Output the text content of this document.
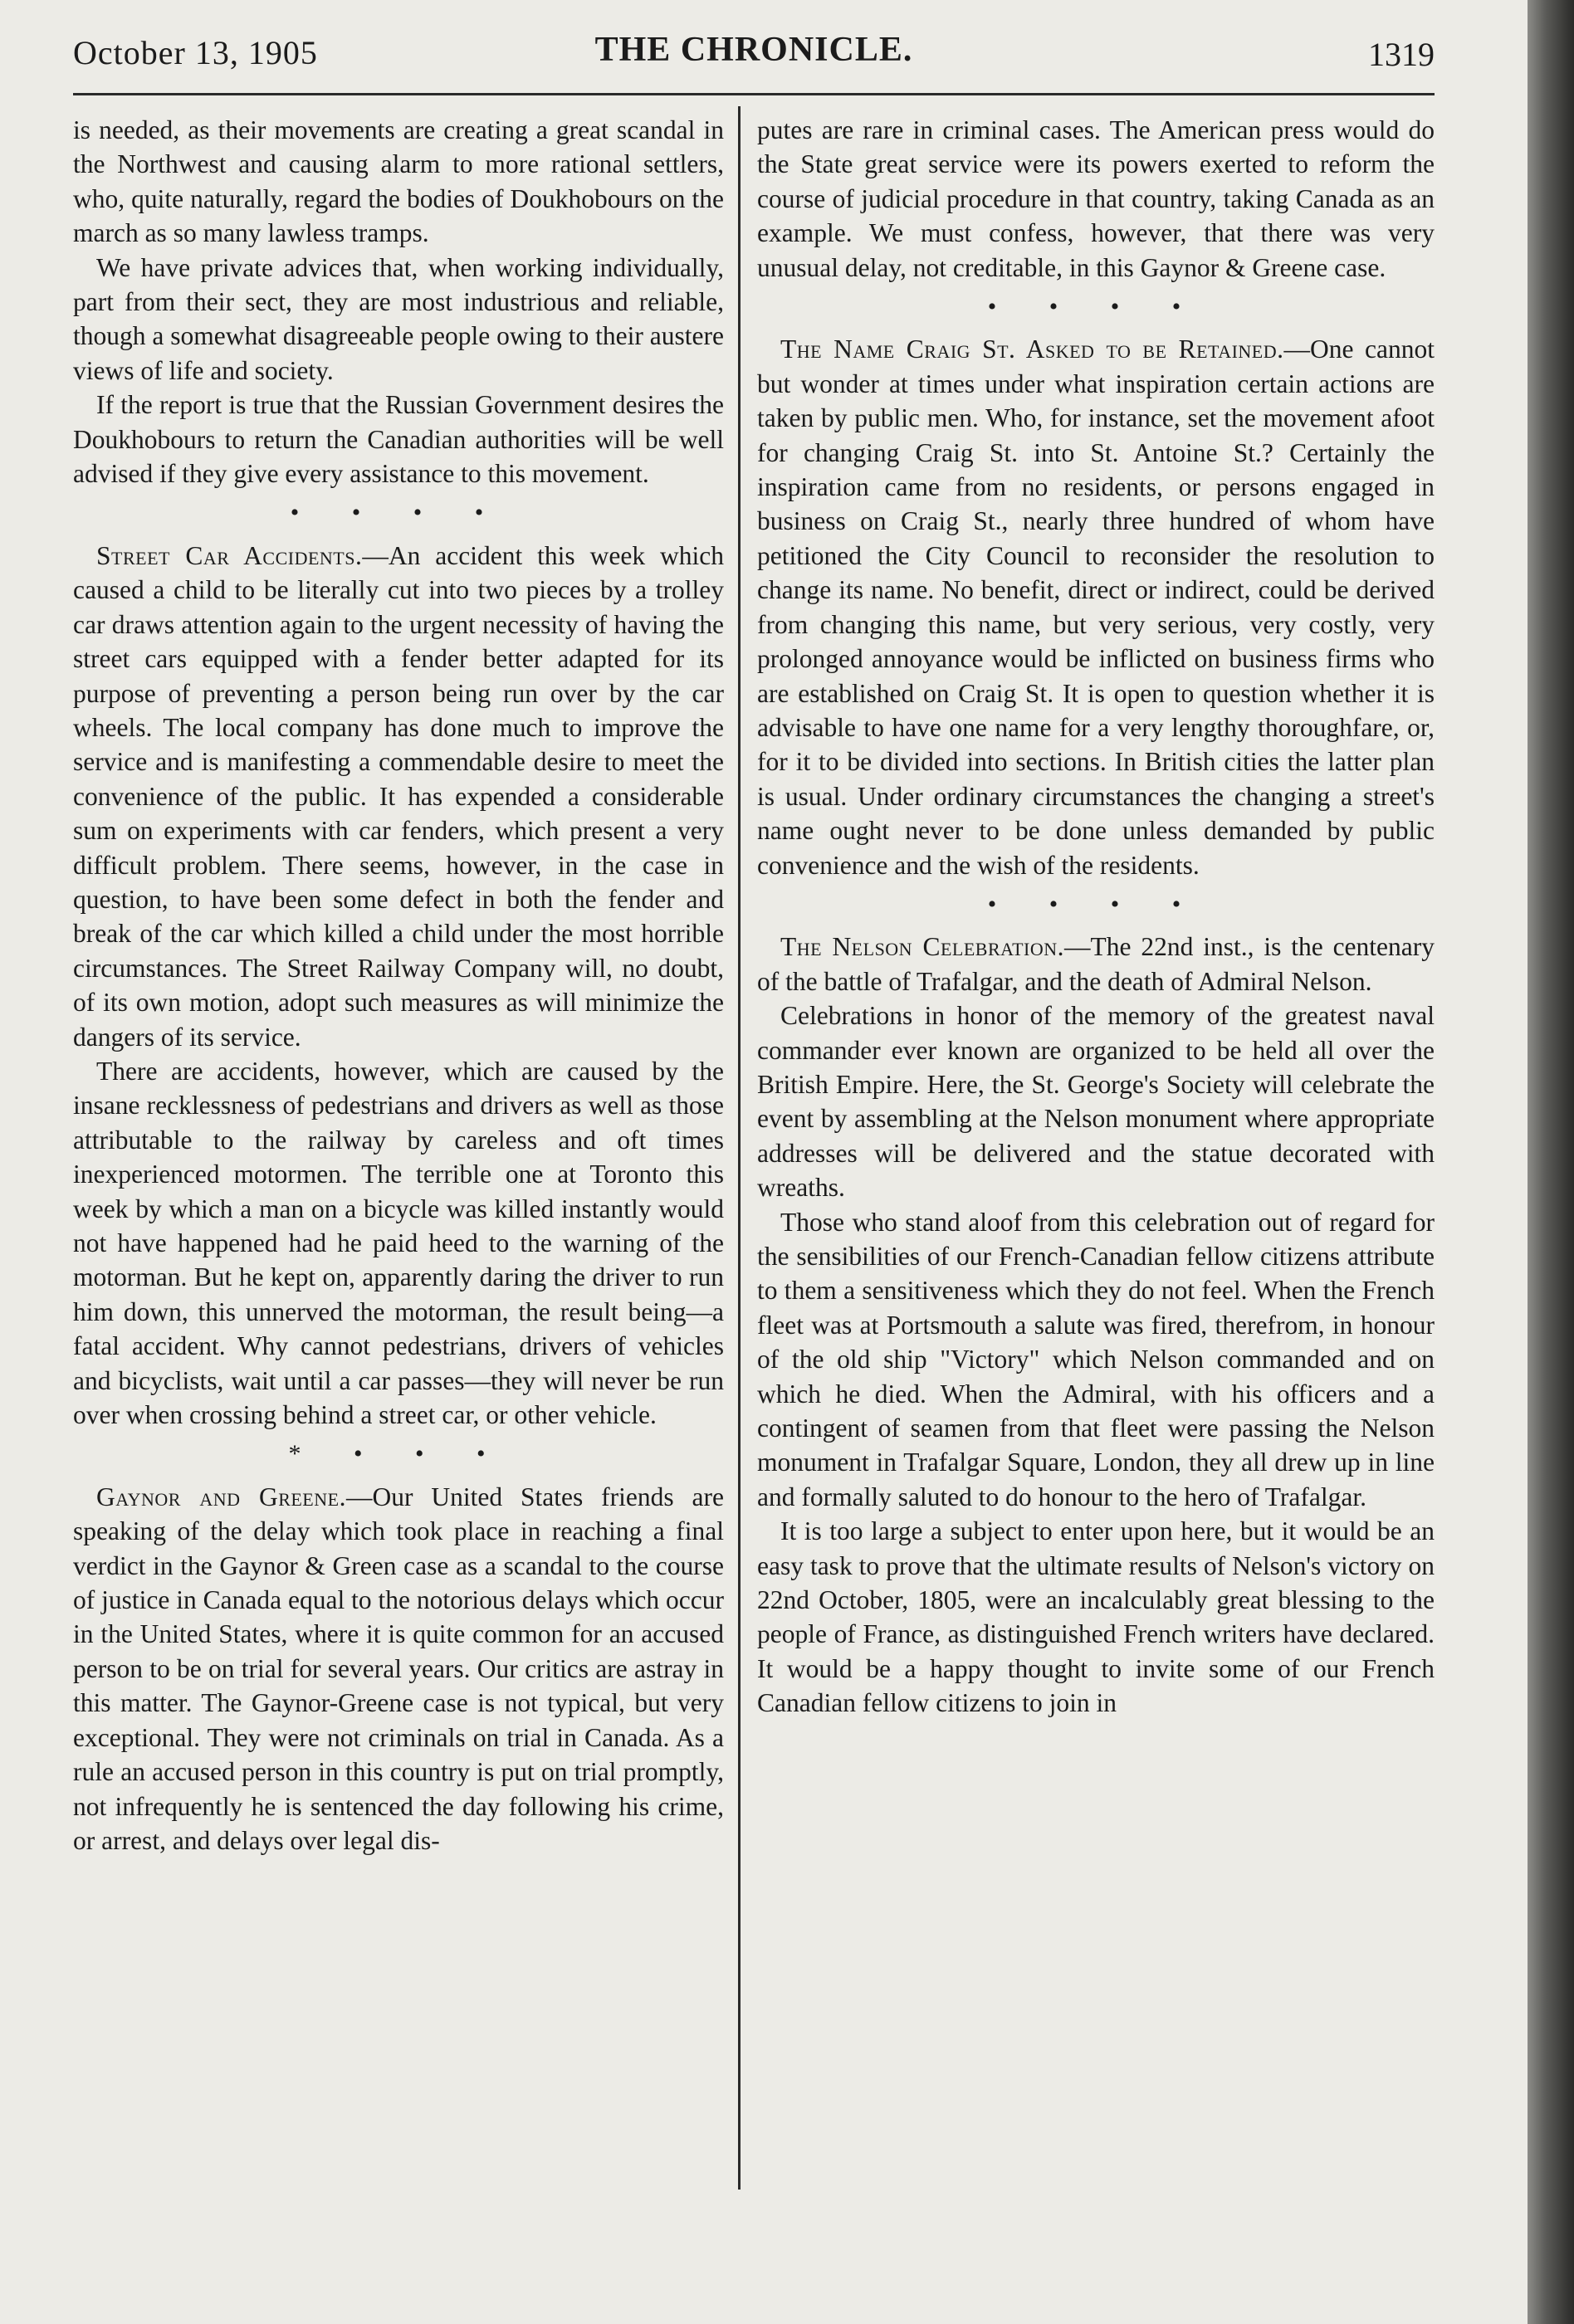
October 13, 1905	THE CHRONICLE.	1319

is needed, as their movements are creating a great scandal in the Northwest and causing alarm to more rational settlers, who, quite naturally, regard the bodies of Doukhobours on the march as so many lawless tramps.

We have private advices that, when working individually, part from their sect, they are most industrious and reliable, though a somewhat disagreeable people owing to their austere views of life and society.

If the report is true that the Russian Government desires the Doukhobours to return the Canadian authorities will be well advised if they give every assistance to this movement.

• • • •

Street Car Accidents.—An accident this week which caused a child to be literally cut into two pieces by a trolley car draws attention again to the urgent necessity of having the street cars equipped with a fender better adapted for its purpose of preventing a person being run over by the car wheels. The local company has done much to improve the service and is manifesting a commendable desire to meet the convenience of the public. It has expended a considerable sum on experiments with car fenders, which present a very difficult problem. There seems, however, in the case in question, to have been some defect in both the fender and break of the car which killed a child under the most horrible circumstances. The Street Railway Company will, no doubt, of its own motion, adopt such measures as will minimize the dangers of its service.

There are accidents, however, which are caused by the insane recklessness of pedestrians and drivers as well as those attributable to the railway by careless and oft times inexperienced motormen. The terrible one at Toronto this week by which a man on a bicycle was killed instantly would not have happened had he paid heed to the warning of the motorman. But he kept on, apparently daring the driver to run him down, this unnerved the motorman, the result being—a fatal accident. Why cannot pedestrians, drivers of vehicles and bicyclists, wait until a car passes—they will never be run over when crossing behind a street car, or other vehicle.

* • • •

Gaynor and Greene.—Our United States friends are speaking of the delay which took place in reaching a final verdict in the Gaynor & Green case as a scandal to the course of justice in Canada equal to the notorious delays which occur in the United States, where it is quite common for an accused person to be on trial for several years. Our critics are astray in this matter. The Gaynor-Greene case is not typical, but very exceptional. They were not criminals on trial in Canada. As a rule an accused person in this country is put on trial promptly, not infrequently he is sentenced the day following his crime, or arrest, and delays over legal dis-

putes are rare in criminal cases. The American press would do the State great service were its powers exerted to reform the course of judicial procedure in that country, taking Canada as an example. We must confess, however, that there was very unusual delay, not creditable, in this Gaynor & Greene case.

• • • •

The Name Craig St. Asked to be Retained.—One cannot but wonder at times under what inspiration certain actions are taken by public men. Who, for instance, set the movement afoot for changing Craig St. into St. Antoine St.? Certainly the inspiration came from no residents, or persons engaged in business on Craig St., nearly three hundred of whom have petitioned the City Council to reconsider the resolution to change its name. No benefit, direct or indirect, could be derived from changing this name, but very serious, very costly, very prolonged annoyance would be inflicted on business firms who are established on Craig St. It is open to question whether it is advisable to have one name for a very lengthy thoroughfare, or, for it to be divided into sections. In British cities the latter plan is usual. Under ordinary circumstances the changing a street's name ought never to be done unless demanded by public convenience and the wish of the residents.

• • • •

The Nelson Celebration.—The 22nd inst., is the centenary of the battle of Trafalgar, and the death of Admiral Nelson.

Celebrations in honor of the memory of the greatest naval commander ever known are organized to be held all over the British Empire. Here, the St. George's Society will celebrate the event by assembling at the Nelson monument where appropriate addresses will be delivered and the statue decorated with wreaths.

Those who stand aloof from this celebration out of regard for the sensibilities of our French-Canadian fellow citizens attribute to them a sensitiveness which they do not feel. When the French fleet was at Portsmouth a salute was fired, therefrom, in honour of the old ship "Victory" which Nelson commanded and on which he died. When the Admiral, with his officers and a contingent of seamen from that fleet were passing the Nelson monument in Trafalgar Square, London, they all drew up in line and formally saluted to do honour to the hero of Trafalgar.

It is too large a subject to enter upon here, but it would be an easy task to prove that the ultimate results of Nelson's victory on 22nd October, 1805, were an incalculably great blessing to the people of France, as distinguished French writers have declared. It would be a happy thought to invite some of our French Canadian fellow citizens to join in
